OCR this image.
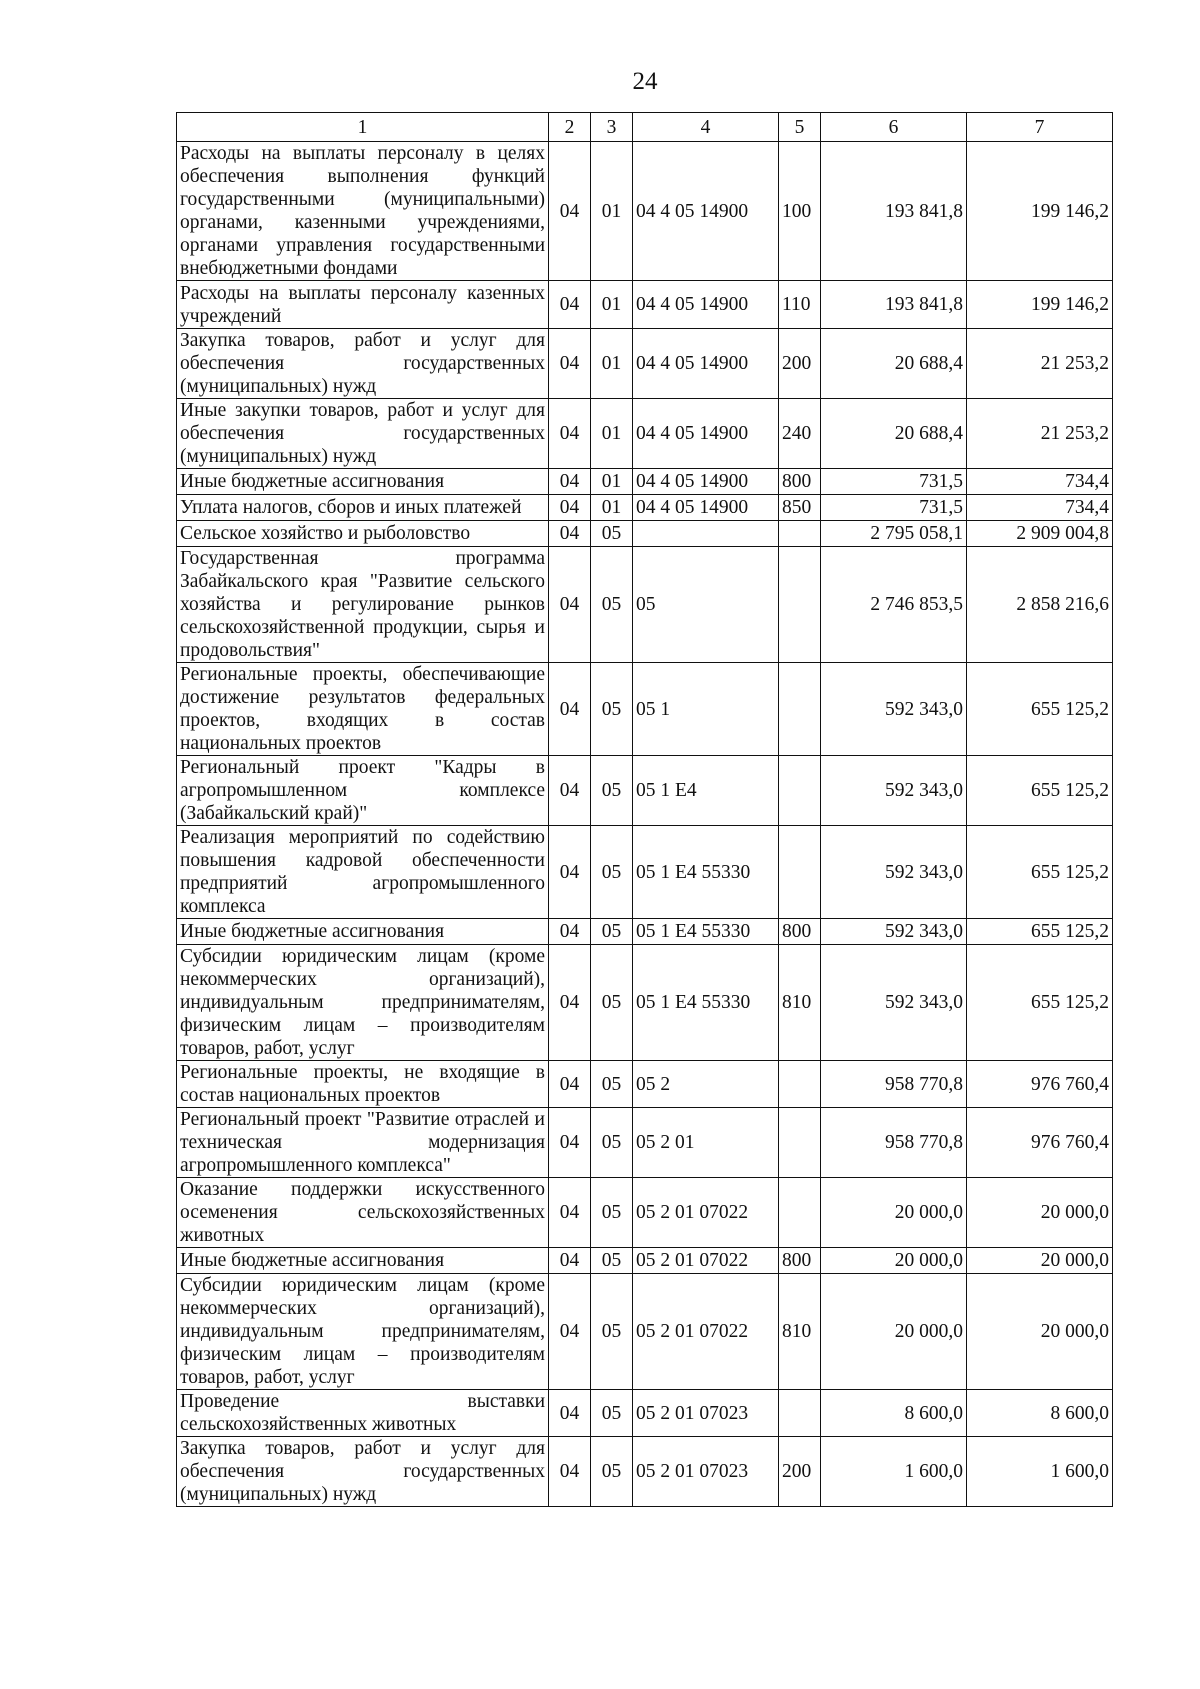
24
1	2	3	4	5	6	7
Расходы на выплаты персоналу в целях обеспечения выполнения функций государственными (муниципальными) органами, казенными учреждениями, органами управления государственными внебюджетными фондами	04	01	04 4 05 14900	100	193 841,8	199 146,2
Расходы на выплаты персоналу казенных учреждений	04	01	04 4 05 14900	110	193 841,8	199 146,2
Закупка товаров, работ и услуг для обеспечения государственных (муниципальных) нужд	04	01	04 4 05 14900	200	20 688,4	21 253,2
Иные закупки товаров, работ и услуг для обеспечения государственных (муниципальных) нужд	04	01	04 4 05 14900	240	20 688,4	21 253,2
Иные бюджетные ассигнования	04	01	04 4 05 14900	800	731,5	734,4
Уплата налогов, сборов и иных платежей	04	01	04 4 05 14900	850	731,5	734,4
Сельское хозяйство и рыболовство	04	05			2 795 058,1	2 909 004,8
Государственная программа Забайкальского края "Развитие сельского хозяйства и регулирование рынков сельскохозяйственной продукции, сырья и продовольствия"	04	05	05		2 746 853,5	2 858 216,6
Региональные проекты, обеспечивающие достижение результатов федеральных проектов, входящих в состав национальных проектов	04	05	05 1		592 343,0	655 125,2
Региональный проект "Кадры в агропромышленном комплексе (Забайкальский край)"	04	05	05 1 E4		592 343,0	655 125,2
Реализация мероприятий по содействию повышения кадровой обеспеченности предприятий агропромышленного комплекса	04	05	05 1 E4 55330		592 343,0	655 125,2
Иные бюджетные ассигнования	04	05	05 1 E4 55330	800	592 343,0	655 125,2
Субсидии юридическим лицам (кроме некоммерческих организаций), индивидуальным предпринимателям, физическим лицам – производителям товаров, работ, услуг	04	05	05 1 E4 55330	810	592 343,0	655 125,2
Региональные проекты, не входящие в состав национальных проектов	04	05	05 2		958 770,8	976 760,4
Региональный проект "Развитие отраслей и техническая модернизация агропромышленного комплекса"	04	05	05 2 01		958 770,8	976 760,4
Оказание поддержки искусственного осеменения сельскохозяйственных животных	04	05	05 2 01 07022		20 000,0	20 000,0
Иные бюджетные ассигнования	04	05	05 2 01 07022	800	20 000,0	20 000,0
Субсидии юридическим лицам (кроме некоммерческих организаций), индивидуальным предпринимателям, физическим лицам – производителям товаров, работ, услуг	04	05	05 2 01 07022	810	20 000,0	20 000,0
Проведение выставки сельскохозяйственных животных	04	05	05 2 01 07023		8 600,0	8 600,0
Закупка товаров, работ и услуг для обеспечения государственных (муниципальных) нужд	04	05	05 2 01 07023	200	1 600,0	1 600,0
